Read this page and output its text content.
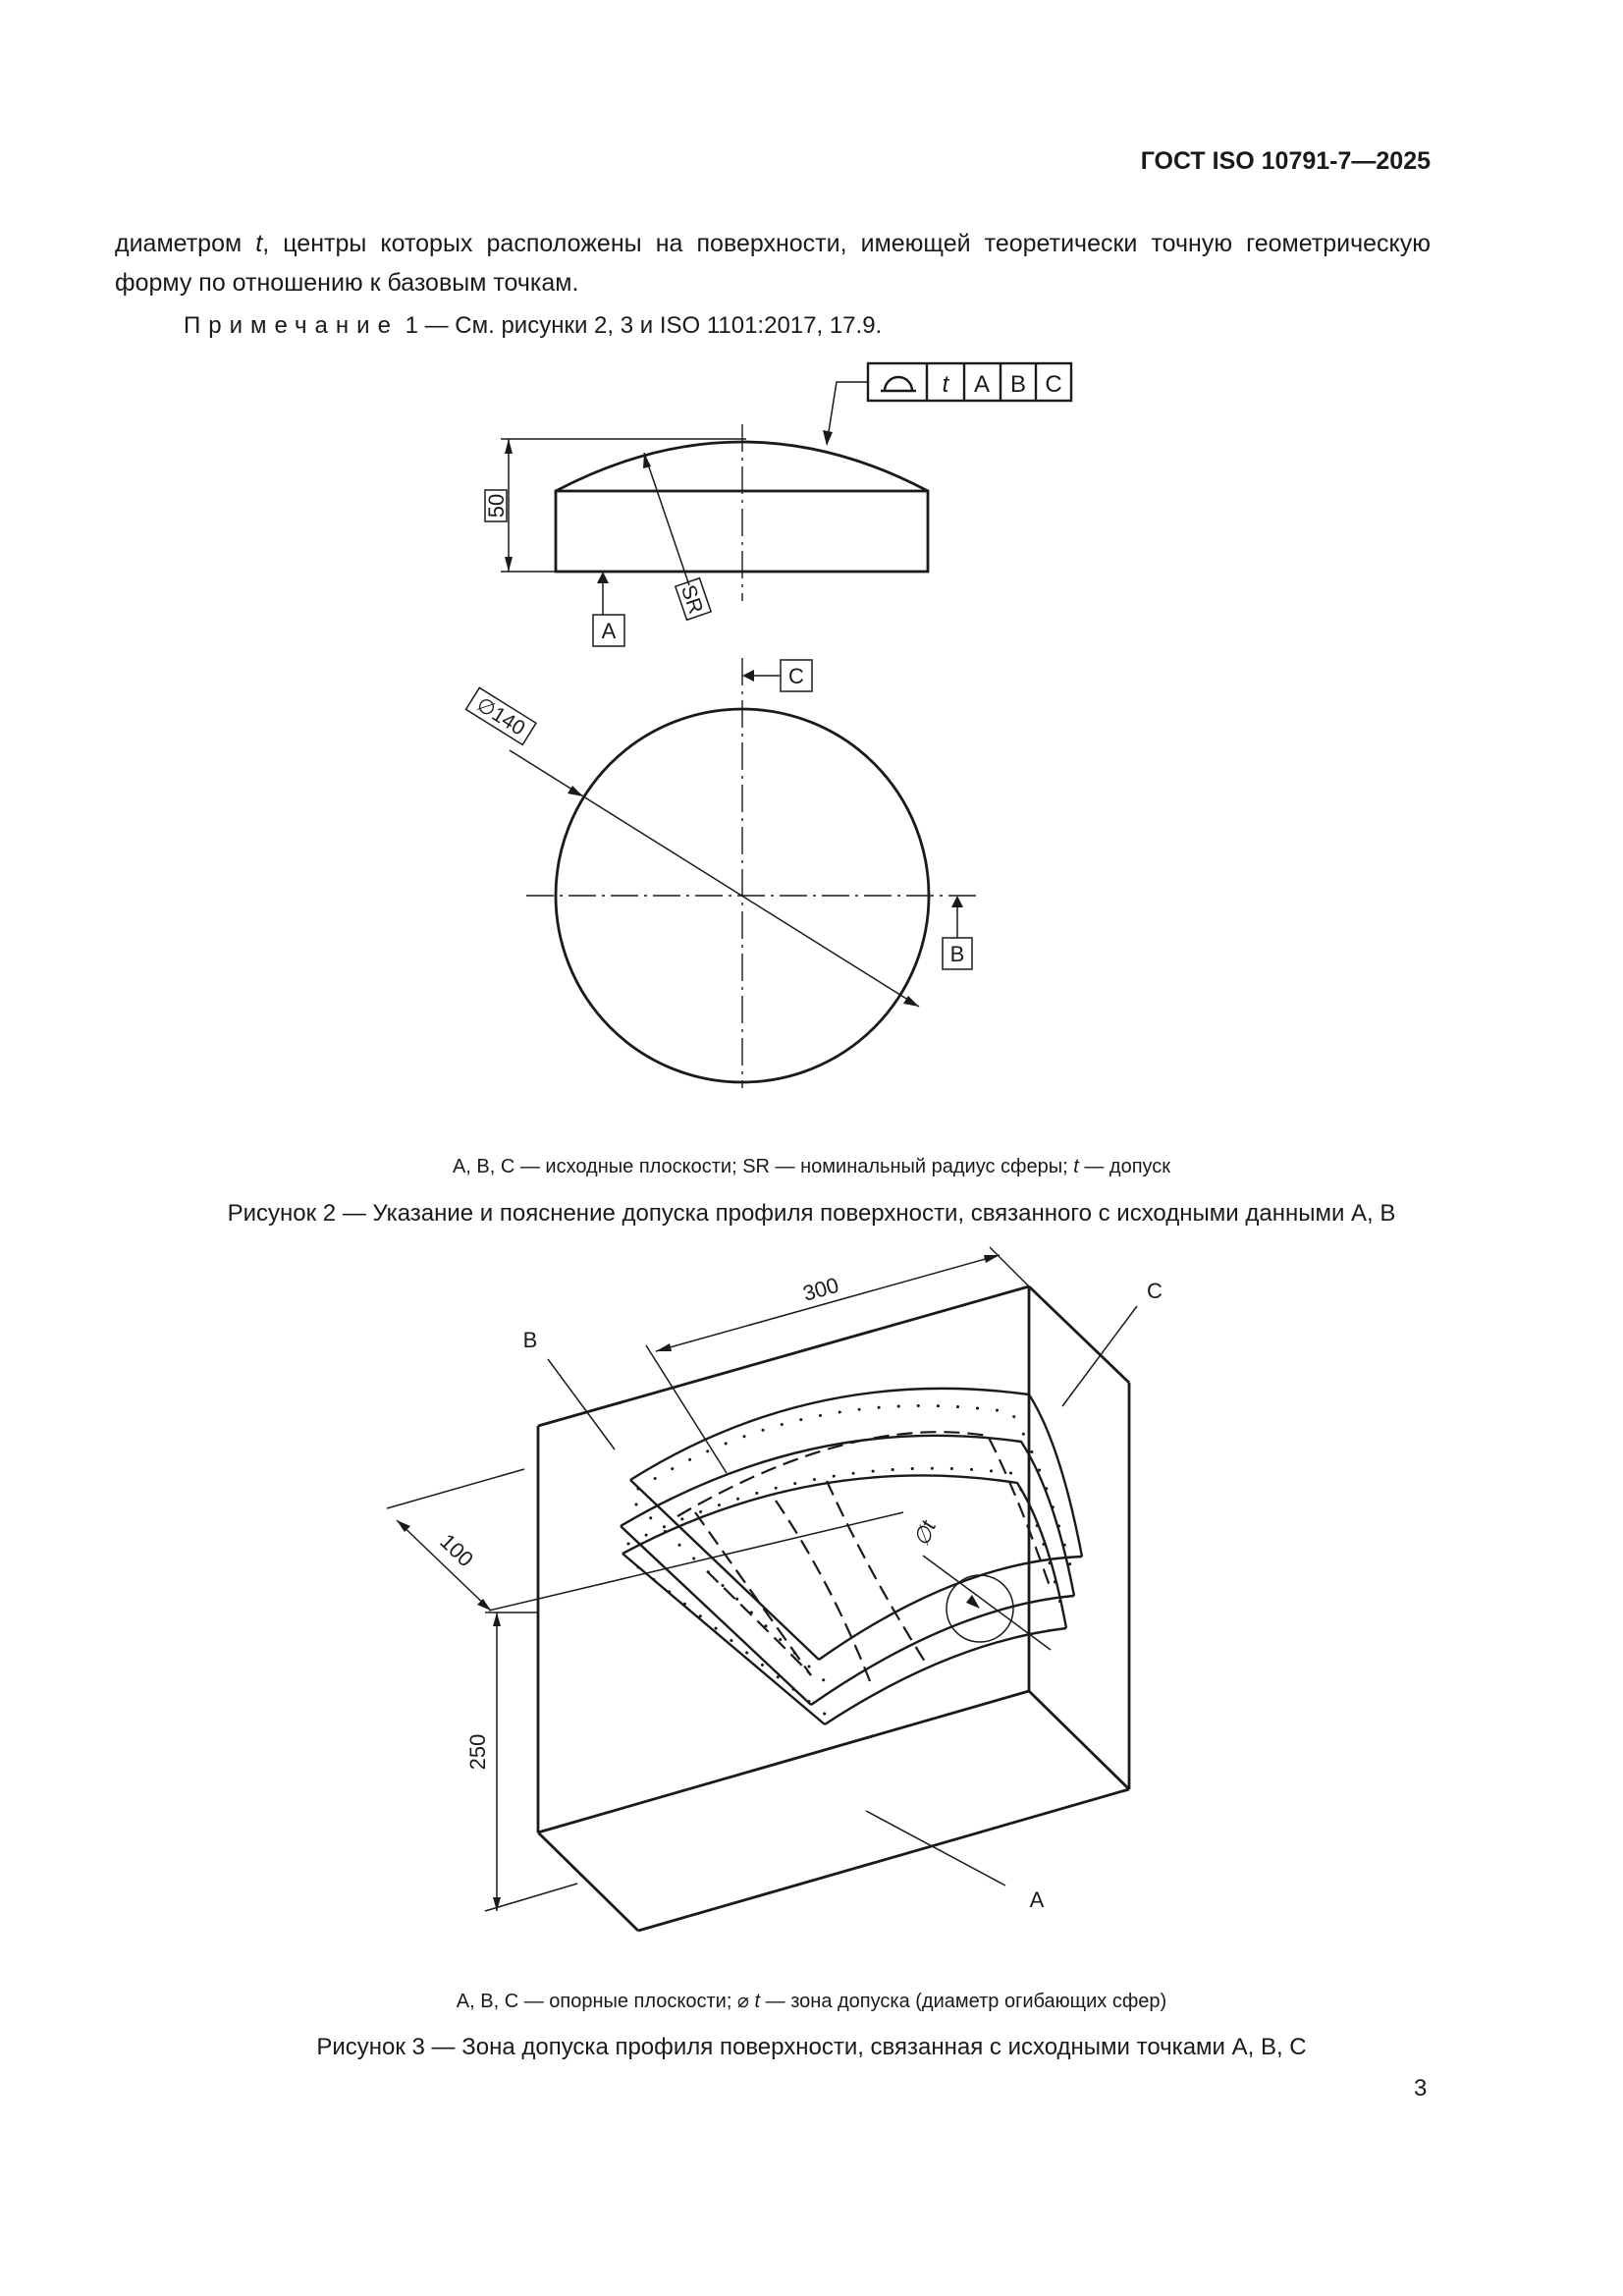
ГОСТ ISO 10791-7—2025
диаметром t, центры которых расположены на поверхности, имеющей теоретически точную геометрическую форму по отношению к базовым точкам.
Примечание 1 — См. рисунки 2, 3 и ISO 1101:2017, 17.9.
t A B C
50
SR
A
C
B
∅140
A, B, C — исходные плоскости; SR — номинальный радиус сферы; t — допуск
Рисунок 2 — Указание и пояснение допуска профиля поверхности, связанного с исходными данными A, B
∅t
300
100
250
B
C
A
A, B, C — опорные плоскости; ⌀ t — зона допуска (диаметр огибающих сфер)
Рисунок 3 — Зона допуска профиля поверхности, связанная с исходными точками A, B, C
3
